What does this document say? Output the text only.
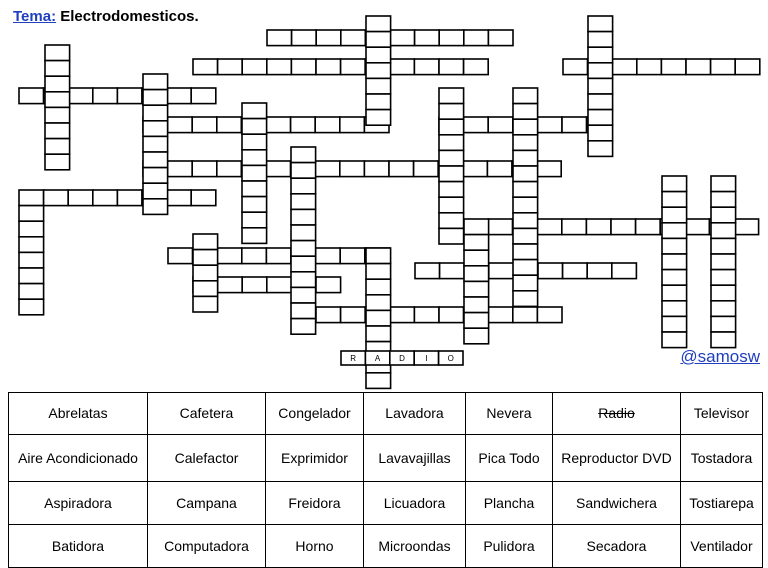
Tema: Electrodomesticos.
R A D	I	O	@samosw
Abrelatas	Cafetera	Congelador	Lavadora	Nevera	Radio	Televisor
Aire Acondicionado	Calefactor	Exprimidor	Lavavajillas	Pica Todo	Reproductor DVD	Tostadora
Aspiradora	Campana	Freidora	Licuadora	Plancha	Sandwichera	Tostiarepa
Batidora	Computadora	Horno	Microondas	Pulidora	Secadora	Ventilador
